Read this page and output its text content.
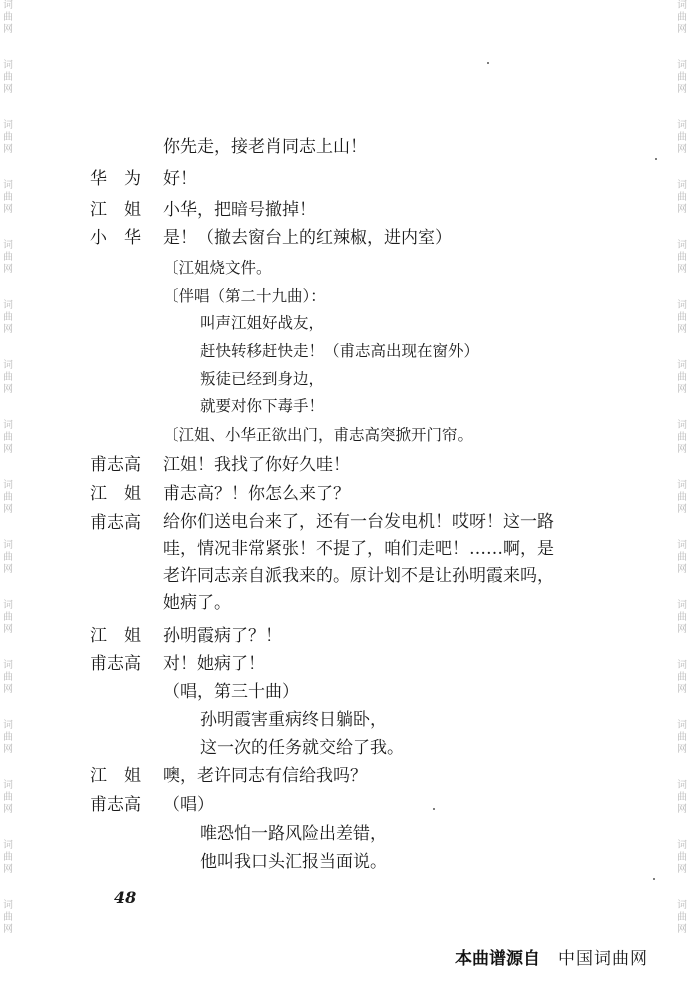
词
曲
网
词
曲
网
词
曲
网
词
曲
网
词
曲
网
词
曲
网
词
曲
网
词
曲
网
词
曲
网
词
曲
网
词
曲
网
词
曲
网
词
曲
网
词
曲
网
词
曲
网
词
曲
网
词
曲
网
词
曲
网
词
曲
网
词
曲
网
词
曲
网
词
曲
网
词
曲
网
词
曲
网
词
曲
网
词
曲
网
词
曲
网
词
曲
网
词
曲
网
词
曲
网
词
曲
网
词
曲
网
你先走，接老肖同志上山！
华　为	好！
江　姐	小华，把暗号撤掉！
小　华	是！（撤去窗台上的红辣椒，进内室）
〔江姐烧文件。
〔伴唱（第二十九曲）：
叫声江姐好战友，
赶快转移赶快走！（甫志高出现在窗外）
叛徒已经到身边，
就要对你下毒手！
〔江姐、小华正欲出门，甫志高突掀开门帘。
甫志高	江姐！我找了你好久哇！
江　姐	甫志高？！你怎么来了？
甫志高	给你们送电台来了，还有一台发电机！哎呀！这一路
哇，情况非常紧张！不提了，咱们走吧！……啊，是
老许同志亲自派我来的。原计划不是让孙明霞来吗，
她病了。
江　姐	孙明霞病了？！
甫志高	对！她病了！
（唱，第三十曲）
孙明霞害重病终日躺卧，
这一次的任务就交给了我。
江　姐	噢，老许同志有信给我吗？
甫志高	（唱）
唯恐怕一路风险出差错，
他叫我口头汇报当面说。
48
本曲谱源自 中国词曲网
